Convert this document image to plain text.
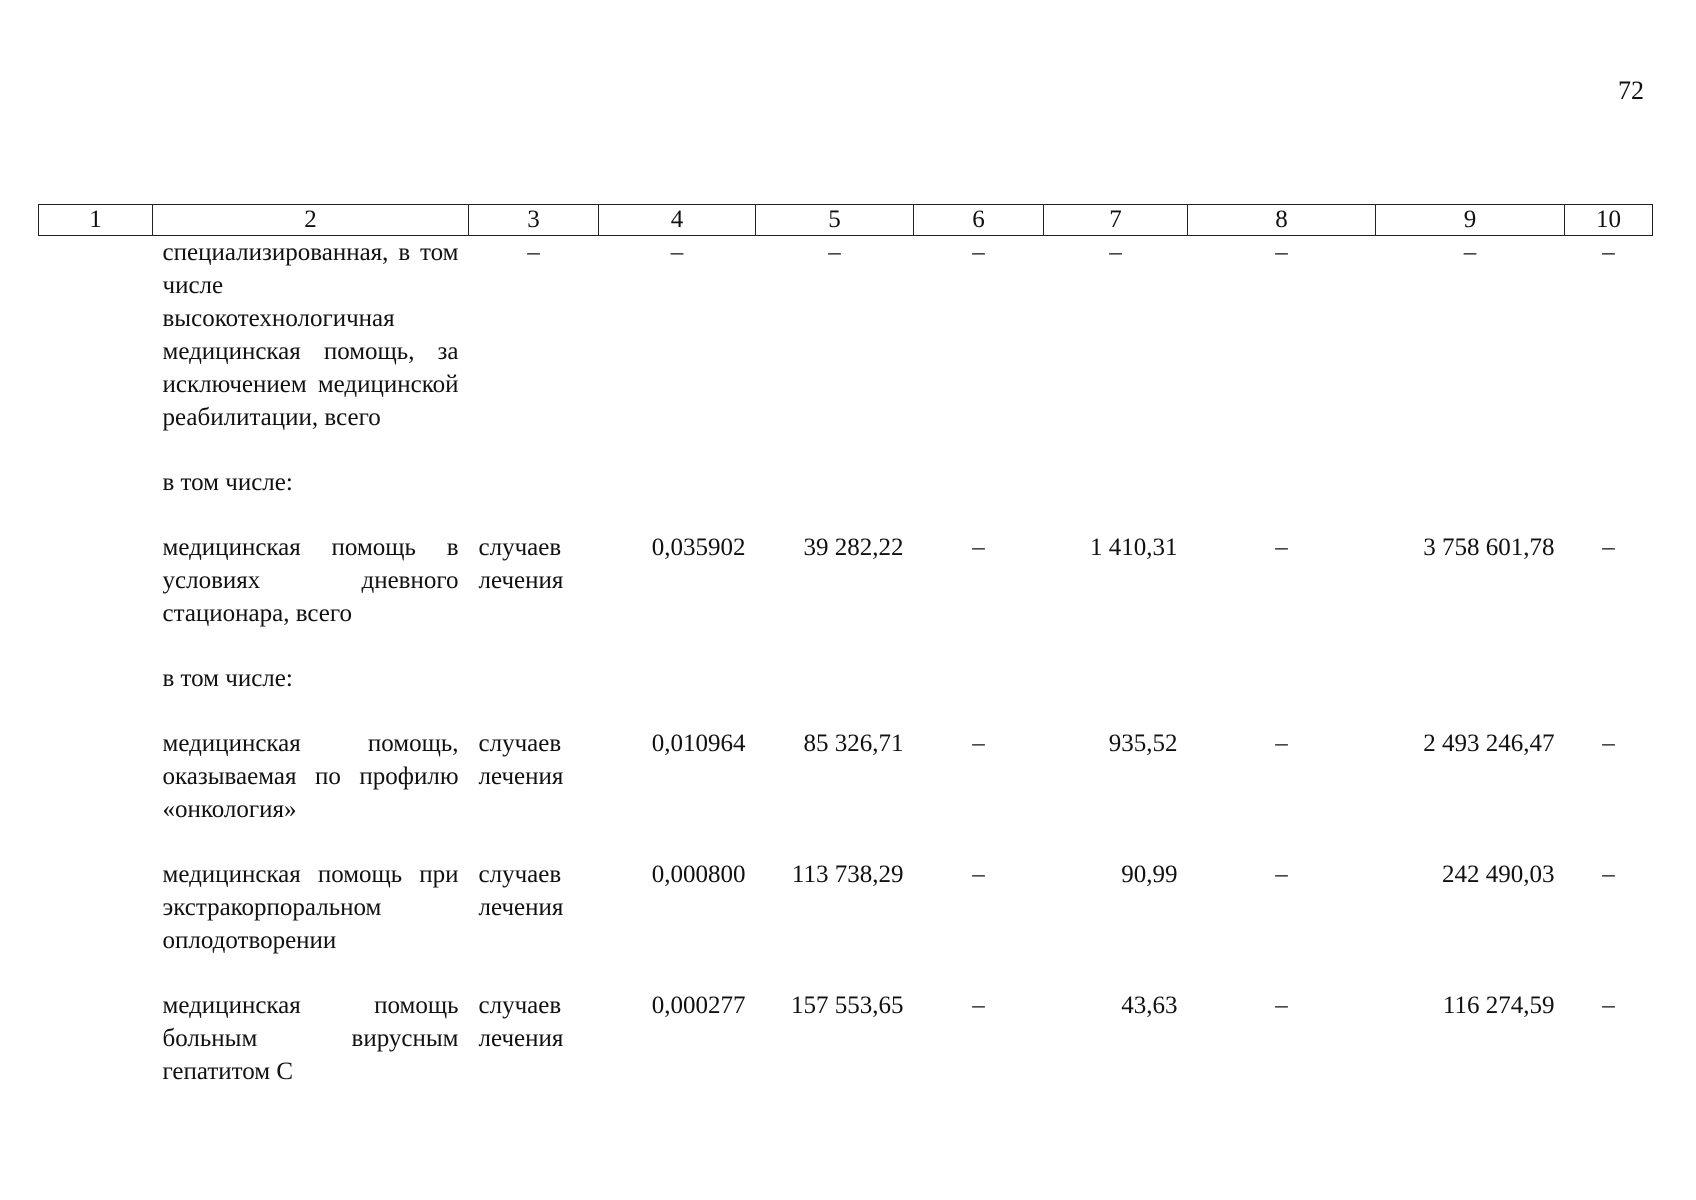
72
1	2	3	4	5	6	7	8	9	10
	специализированная, в том числе высокотехнологичная медицинская помощь, за исключением медицинской реабилитации, всего	–	–	–	–	–	–	–	–

	в том числе:								

	медицинская помощь в условиях дневного стационара, всего	случаев лечения	0,035902	39 282,22	–	1 410,31	–	3 758 601,78	–

	в том числе:								

	медицинская помощь, оказываемая по профилю «онкология»	случаев лечения	0,010964	85 326,71	–	935,52	–	2 493 246,47	–

	медицинская помощь при экстракорпоральном оплодотворении	случаев лечения	0,000800	113 738,29	–	90,99	–	242 490,03	–

	медицинская помощь больным вирусным гепатитом С	случаев лечения	0,000277	157 553,65	–	43,63	–	116 274,59	–
